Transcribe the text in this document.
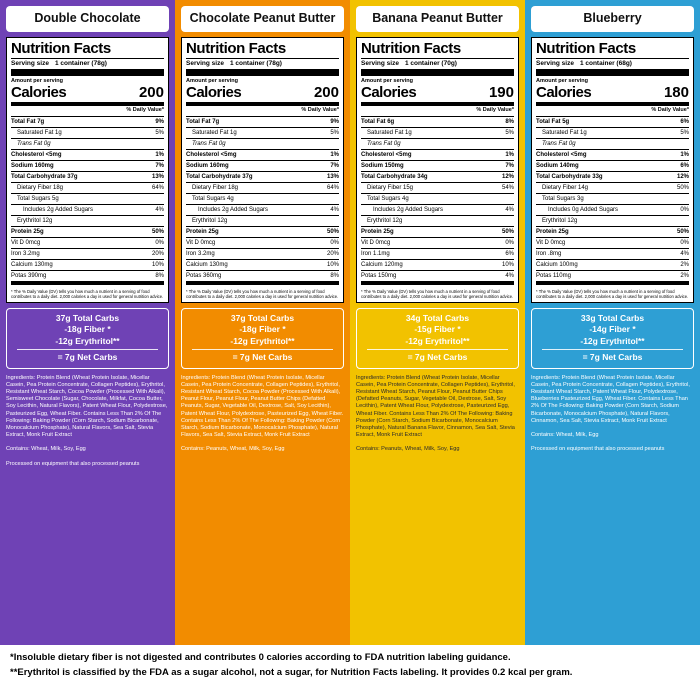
Double Chocolate
Nutrition Facts
Serving size 1 container (78g)
Amount per serving
Calories	200
% Daily Value*
Total Fat 7g	9%
Saturated Fat 1g	5%
Trans Fat 0g
Cholesterol <5mg	1%
Sodium 160mg	7%
Total Carbohydrate 37g	13%
Dietary Fiber 18g	64%
Total Sugars 5g
Includes 2g Added Sugars	4%
Erythritol 12g
Protein 25g	50%
Vit D 0mcg	0%
Iron 3.2mg	20%
Calcium 130mg	10%
Potas 390mg	8%
* The % Daily Value (DV) tells you how much a nutrient in a serving of food contributes to a daily diet. 2,000 calories a day is used for general nutrition advice.
37g Total Carbs
-18g Fiber *
-12g Erythritol**
= 7g Net Carbs

Ingredients: Protein Blend (Wheat Protein Isolate, Micellar Casein, Pea Protein Concentrate, Collagen Peptides), Erythritol, Resistant Wheat Starch, Cocoa Powder (Processed With Alkali), Semisweet Chocolate (Sugar, Chocolate, Milkfat, Cocoa Butter, Soy Lecithin, Natural Flavors), Patent Wheat Flour, Polydextrose, Pasteurized Egg, Wheat Fiber. Contains Less Than 2% Of The Following: Baking Powder (Corn Starch, Sodium Bicarbonate, Monocalcium Phosphate), Natural Flavors, Sea Salt, Stevia Extract, Monk Fruit Extract

Contains: Wheat, Milk, Soy, Egg

Processed on equipment that also processed peanuts

Chocolate Peanut Butter
Nutrition Facts
Serving size 1 container (78g)
Amount per serving
Calories	200
% Daily Value*
Total Fat 7g	9%
Saturated Fat 1g	5%
Trans Fat 0g
Cholesterol <5mg	1%
Sodium 160mg	7%
Total Carbohydrate 37g	13%
Dietary Fiber 18g	64%
Total Sugars 4g
Includes 2g Added Sugars	4%
Erythritol 12g
Protein 25g	50%
Vit D 0mcg	0%
Iron 3.2mg	20%
Calcium 130mg	10%
Potas 360mg	8%
* The % Daily Value (DV) tells you how much a nutrient in a serving of food contributes to a daily diet. 2,000 calories a day is used for general nutrition advice.
37g Total Carbs
-18g Fiber *
-12g Erythritol**
= 7g Net Carbs

Ingredients: Protein Blend (Wheat Protein Isolate, Micellar Casein, Pea Protein Concentrate, Collagen Peptides), Erythritol, Resistant Wheat Starch, Cocoa Powder (Processed With Alkali), Peanut Flour, Peanut Flour, Peanut Butter Chips (Defatted Peanuts, Sugar, Vegetable Oil, Dextrose, Salt, Soy Lecithin), Patent Wheat Flour, Polydextrose, Pasteurized Egg, Wheat Fiber. Contains Less Than 2% Of The Following: Baking Powder (Corn Starch, Sodium Bicarbonate, Monocalcium Phosphate), Natural Flavors, Sea Salt, Stevia Extract, Monk Fruit Extract

Contains: Peanuts, Wheat, Milk, Soy, Egg

Banana Peanut Butter
Nutrition Facts
Serving size 1 container (70g)
Amount per serving
Calories	190
% Daily Value*
Total Fat 6g	8%
Saturated Fat 1g	5%
Trans Fat 0g
Cholesterol <5mg	1%
Sodium 150mg	7%
Total Carbohydrate 34g	12%
Dietary Fiber 15g	54%
Total Sugars 4g
Includes 2g Added Sugars	4%
Erythritol 12g
Protein 25g	50%
Vit D 0mcg	0%
Iron 1.1mg	6%
Calcium 120mg	10%
Potas 150mg	4%
* The % Daily Value (DV) tells you how much a nutrient in a serving of food contributes to a daily diet. 2,000 calories a day is used for general nutrition advice.
34g Total Carbs
-15g Fiber *
-12g Erythritol**
= 7g Net Carbs

Ingredients: Protein Blend (Wheat Protein Isolate, Micellar Casein, Pea Protein Concentrate, Collagen Peptides), Erythritol, Resistant Wheat Starch, Peanut Flour, Peanut Butter Chips (Defatted Peanuts, Sugar, Vegetable Oil, Dextrose, Salt, Soy Lecithin), Patent Wheat Flour, Polydextrose, Pasteurized Egg, Wheat Fiber. Contains Less Than 2% Of The Following: Baking Powder (Corn Starch, Sodium Bicarbonate, Monocalcium Phosphate), Natural Banana Flavor, Cinnamon, Sea Salt, Stevia Extract, Monk Fruit Extract

Contains: Peanuts, Wheat, Milk, Soy, Egg

Blueberry
Nutrition Facts
Serving size 1 container (68g)
Amount per serving
Calories	180
% Daily Value*
Total Fat 5g	6%
Saturated Fat 1g	5%
Trans Fat 0g
Cholesterol <5mg	1%
Sodium 140mg	6%
Total Carbohydrate 33g	12%
Dietary Fiber 14g	50%
Total Sugars 3g
Includes 0g Added Sugars	0%
Erythritol 12g
Protein 25g	50%
Vit D 0mcg	0%
Iron .8mg	4%
Calcium 100mg	2%
Potas 110mg	2%
* The % Daily Value (DV) tells you how much a nutrient in a serving of food contributes to a daily diet. 2,000 calories a day is used for general nutrition advice.
33g Total Carbs
-14g Fiber *
-12g Erythritol**
= 7g Net Carbs

Ingredients: Protein Blend (Wheat Protein Isolate, Micellar Casein, Pea Protein Concentrate, Collagen Peptides), Erythritol, Resistant Wheat Starch, Patent Wheat Flour, Polydextrose, Blueberries Pasteurized Egg, Wheat Fiber. Contains Less Than 2% Of The Following: Baking Powder (Corn Starch, Sodium Bicarbonate, Monocalcium Phosphate), Natural Flavors, Cinnamon, Sea Salt, Stevia Extract, Monk Fruit Extract

Contains: Wheat, Milk, Egg

Processed on equipment that also processed peanuts

*Insoluble dietary fiber is not digested and contributes 0 calories according to FDA nutrition labeling guidance.

**Erythritol is classified by the FDA as a sugar alcohol, not a sugar, for Nutrition Facts labeling. It provides 0.2 kcal per gram.
